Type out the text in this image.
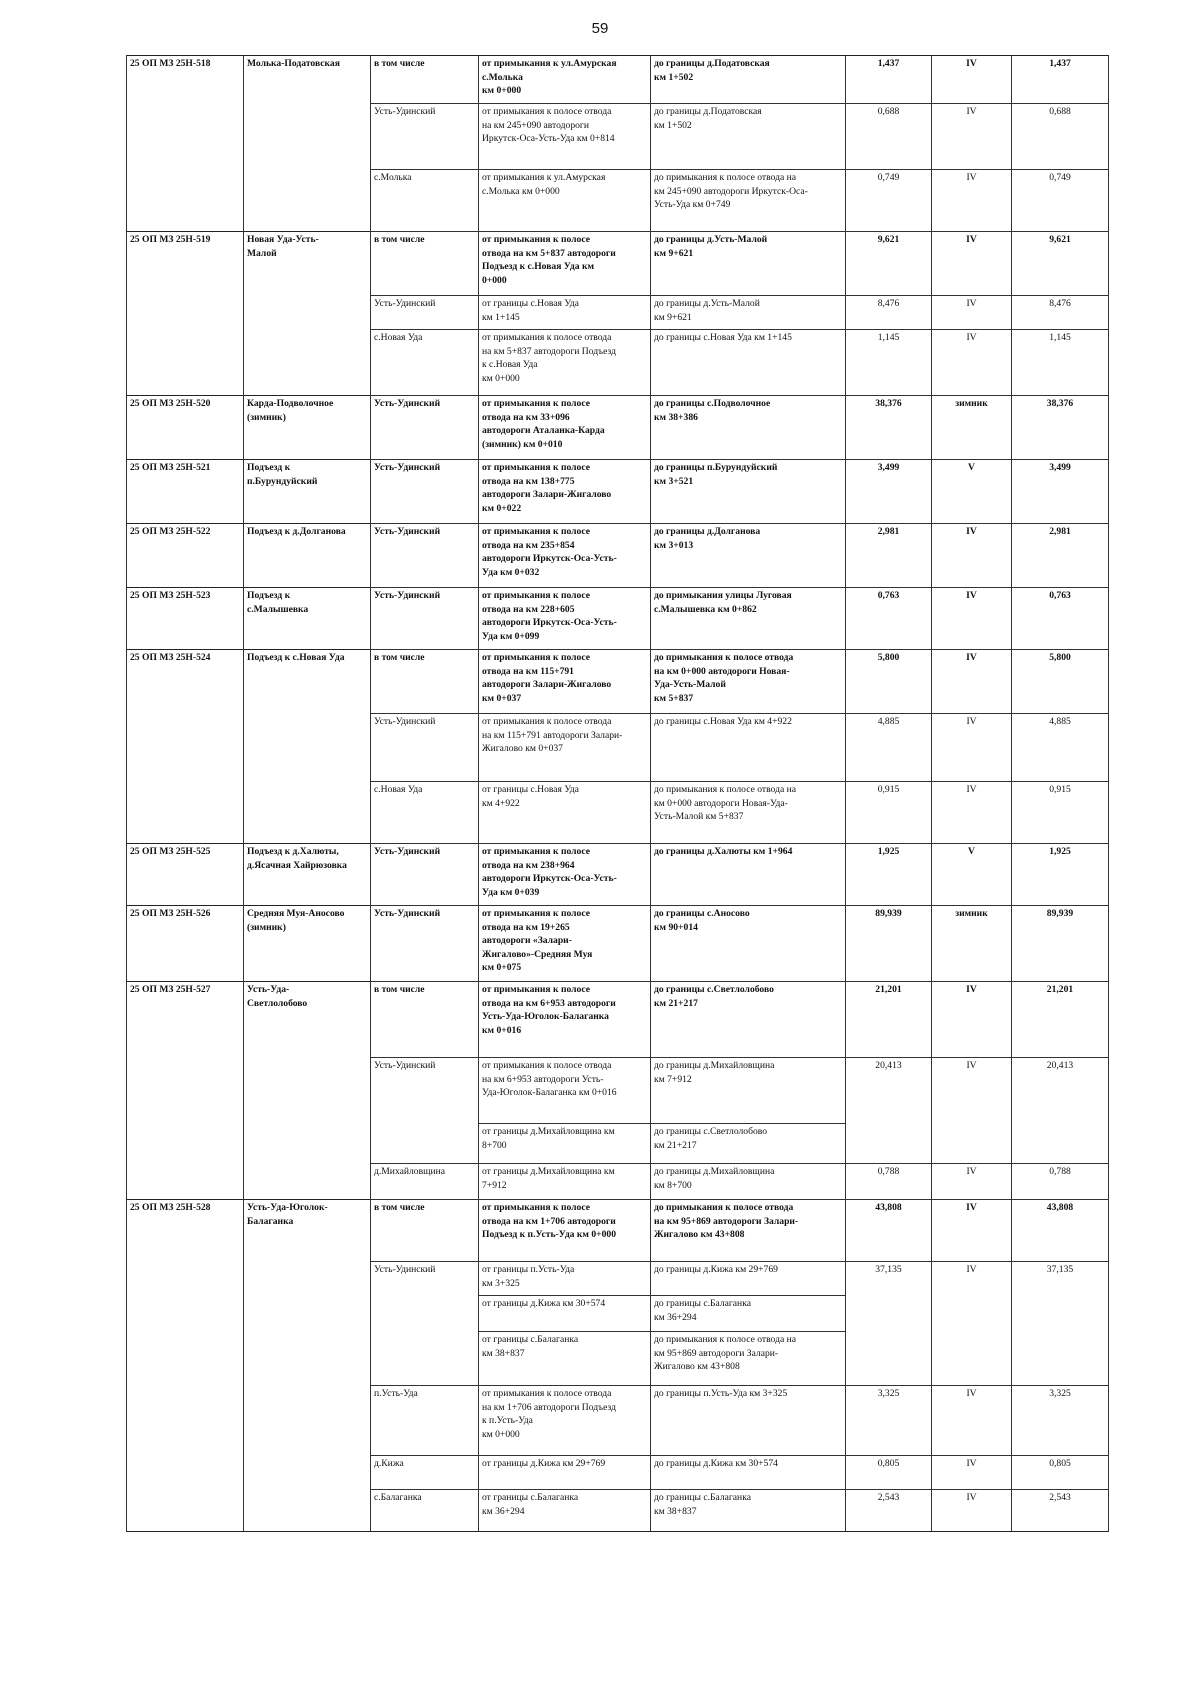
59
25 ОП МЗ 25Н-518	Молька-Податовская	в том числе	от примыкания к ул.Амурская
с.Молька
км 0+000	до границы д.Податовская
км 1+502	1,437	IV	1,437
		Усть-Удинский	от примыкания к полосе отвода
на км 245+090 автодороги
Иркутск-Оса-Усть-Уда км 0+814	до границы д.Податовская
км 1+502	0,688	IV	0,688
		с.Молька	от примыкания к ул.Амурская
с.Молька км 0+000	до примыкания к полосе отвода на
км 245+090 автодороги Иркутск-Оса-
Усть-Уда км 0+749	0,749	IV	0,749
25 ОП МЗ 25Н-519	Новая Уда-Усть-
Малой	в том числе	от примыкания к полосе
отвода на км 5+837 автодороги
Подъезд к с.Новая Уда км
0+000	до границы д.Усть-Малой
км 9+621	9,621	IV	9,621
		Усть-Удинский	от границы с.Новая Уда
км 1+145	до границы д.Усть-Малой
км 9+621	8,476	IV	8,476
		с.Новая Уда	от примыкания к полосе отвода
на км 5+837 автодороги Подъезд
к с.Новая Уда
км 0+000	до границы с.Новая Уда км 1+145	1,145	IV	1,145
25 ОП МЗ 25Н-520	Карда-Подволочное
(зимник)	Усть-Удинский	от примыкания к полосе
отвода на км 33+096
автодороги Аталанка-Карда
(зимник) км 0+010	до границы с.Подволочное
км 38+386	38,376	зимник	38,376
25 ОП МЗ 25Н-521	Подъезд к
п.Бурундуйский	Усть-Удинский	от примыкания к полосе
отвода на км 138+775
автодороги Залари-Жигалово
км 0+022	до границы п.Бурундуйский
км 3+521	3,499	V	3,499
25 ОП МЗ 25Н-522	Подъезд к д.Долганова	Усть-Удинский	от примыкания к полосе
отвода на км 235+854
автодороги Иркутск-Оса-Усть-
Уда км 0+032	до границы д.Долганова
км 3+013	2,981	IV	2,981
25 ОП МЗ 25Н-523	Подъезд к
с.Малышевка	Усть-Удинский	от примыкания к полосе
отвода на км 228+605
автодороги Иркутск-Оса-Усть-
Уда км 0+099	до примыкания улицы Луговая
с.Малышевка км 0+862	0,763	IV	0,763
25 ОП МЗ 25Н-524	Подъезд к с.Новая Уда	в том числе	от примыкания к полосе
отвода на км 115+791
автодороги Залари-Жигалово
км 0+037	до примыкания к полосе отвода
на км 0+000 автодороги Новая-
Уда-Усть-Малой
км 5+837	5,800	IV	5,800
		Усть-Удинский	от примыкания к полосе отвода
на км 115+791 автодороги Залари-
Жигалово км 0+037	до границы с.Новая Уда км 4+922	4,885	IV	4,885
		с.Новая Уда	от границы с.Новая Уда
км 4+922	до примыкания к полосе отвода на
км 0+000 автодороги Новая-Уда-
Усть-Малой км 5+837	0,915	IV	0,915
25 ОП МЗ 25Н-525	Подъезд к д.Халюты,
д.Ясачная Хайрюзовка	Усть-Удинский	от примыкания к полосе
отвода на км 238+964
автодороги Иркутск-Оса-Усть-
Уда км 0+039	до границы д.Халюты км 1+964	1,925	V	1,925
25 ОП МЗ 25Н-526	Средняя Муя-Аносово
(зимник)	Усть-Удинский	от примыкания к полосе
отвода на км 19+265
автодороги «Залари-
Жигалово»-Средняя Муя
км 0+075	до границы с.Аносово
км 90+014	89,939	зимник	89,939
25 ОП МЗ 25Н-527	Усть-Уда-
Светлолобово	в том числе	от примыкания к полосе
отвода на км 6+953 автодороги
Усть-Уда-Юголок-Балаганка
км 0+016	до границы с.Светлолобово
км 21+217	21,201	IV	21,201
		Усть-Удинский	от примыкания к полосе отвода
на км 6+953 автодороги Усть-
Уда-Юголок-Балаганка км 0+016	до границы д.Михайловщина
км 7+912	20,413	IV	20,413
			от границы д.Михайловщина км
8+700	до границы с.Светлолобово
км 21+217			
		д.Михайловщина	от границы д.Михайловщина км
7+912	до границы д.Михайловщина
км 8+700	0,788	IV	0,788
25 ОП МЗ 25Н-528	Усть-Уда-Юголок-
Балаганка	в том числе	от примыкания к полосе
отвода на км 1+706 автодороги
Подъезд к п.Усть-Уда км 0+000	до примыкания к полосе отвода
на км 95+869 автодороги Залари-
Жигалово км 43+808	43,808	IV	43,808
		Усть-Удинский	от границы п.Усть-Уда
км 3+325	до границы д.Кижа км 29+769	37,135	IV	37,135
			от границы д.Кижа км 30+574	до границы с.Балаганка
км 36+294			
			от границы с.Балаганка
км 38+837	до примыкания к полосе отвода на
км 95+869 автодороги Залари-
Жигалово км 43+808			
		п.Усть-Уда	от примыкания к полосе отвода
на км 1+706 автодороги Подъезд
к п.Усть-Уда
км 0+000	до границы п.Усть-Уда км 3+325	3,325	IV	3,325
		д.Кижа	от границы д.Кижа км 29+769	до границы д.Кижа км 30+574	0,805	IV	0,805
		с.Балаганка	от границы с.Балаганка
км 36+294	до границы с.Балаганка
км 38+837	2,543	IV	2,543
